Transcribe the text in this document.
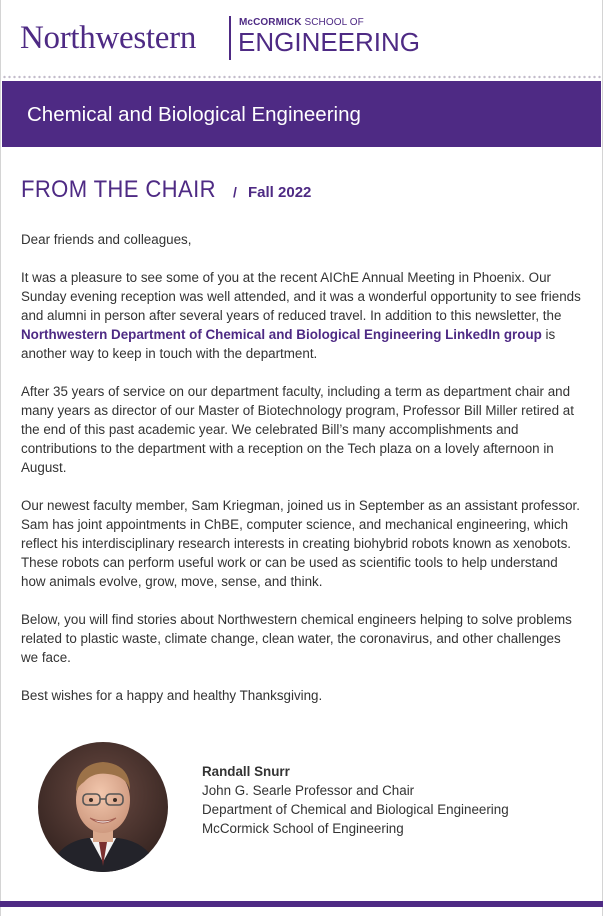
Northwestern	McCORMICK SCHOOL OF
ENGINEERING
Chemical and Biological Engineering
FROM THE CHAIR / Fall 2022

Dear friends and colleagues,

It was a pleasure to see some of you at the recent AIChE Annual Meeting in Phoenix. Our Sunday evening reception was well attended, and it was a wonderful opportunity to see friends and alumni in person after several years of reduced travel. In addition to this newsletter, the Northwestern Department of Chemical and Biological Engineering LinkedIn group is another way to keep in touch with the department.

After 35 years of service on our department faculty, including a term as department chair and many years as director of our Master of Biotechnology program, Professor Bill Miller retired at the end of this past academic year. We celebrated Bill’s many accomplishments and contributions to the department with a reception on the Tech plaza on a lovely afternoon in August.

Our newest faculty member, Sam Kriegman, joined us in September as an assistant professor. Sam has joint appointments in ChBE, computer science, and mechanical engineering, which reflect his interdisciplinary research interests in creating biohybrid robots known as xenobots. These robots can perform useful work or can be used as scientific tools to help understand how animals evolve, grow, move, sense, and think.

Below, you will find stories about Northwestern chemical engineers helping to solve problems related to plastic waste, climate change, clean water, the coronavirus, and other challenges we face.

Best wishes for a happy and healthy Thanksgiving.

Randall Snurr
John G. Searle Professor and Chair
Department of Chemical and Biological Engineering
McCormick School of Engineering
